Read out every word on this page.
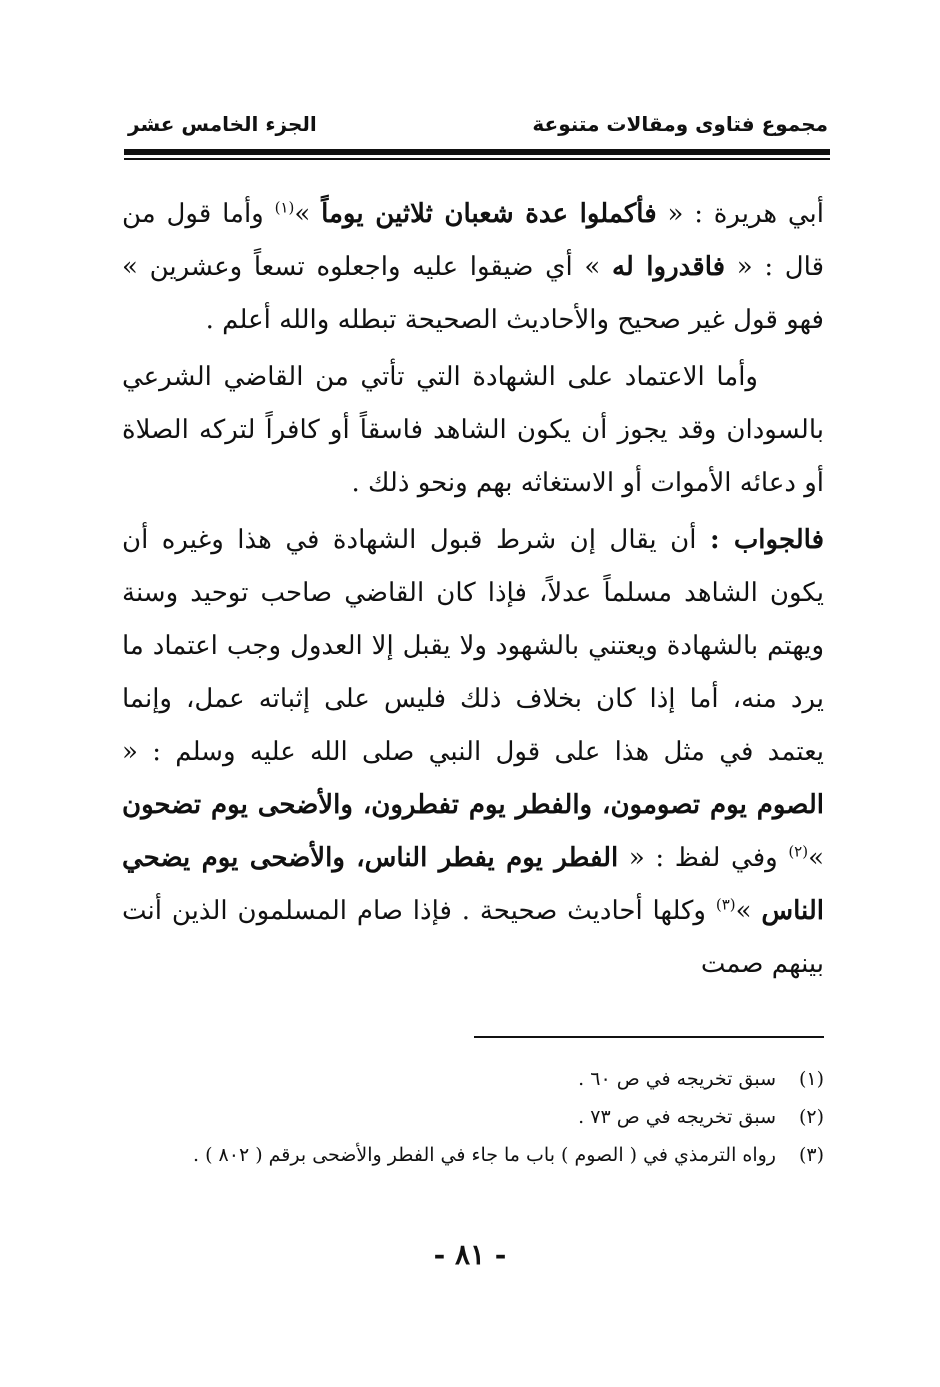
مجموع فتاوى ومقالات متنوعة
الجزء الخامس عشر

أبي هريرة : « فأكملوا عدة شعبان ثلاثين يوماً »$^{(١)}$ وأما قول من قال : « فاقدروا له » أي ضيقوا عليه واجعلوه تسعاً وعشرين » فهو قول غير صحيح والأحاديث الصحيحة تبطله والله أعلم .

وأما الاعتماد على الشهادة التي تأتي من القاضي الشرعي بالسودان وقد يجوز أن يكون الشاهد فاسقاً أو كافراً لتركه الصلاة أو دعائه الأموات أو الاستغاثه بهم ونحو ذلك .

فالجواب : أن يقال إن شرط قبول الشهادة في هذا وغيره أن يكون الشاهد مسلماً عدلاً، فإذا كان القاضي صاحب توحيد وسنة ويهتم بالشهادة ويعتني بالشهود ولا يقبل إلا العدول وجب اعتماد ما يرد منه، أما إذا كان بخلاف ذلك فليس على إثباته عمل، وإنما يعتمد في مثل هذا على قول النبي صلى الله عليه وسلم : « الصوم يوم تصومون، والفطر يوم تفطرون، والأضحى يوم تضحون »$^{(٢)}$ وفي لفظ : « الفطر يوم يفطر الناس، والأضحى يوم يضحي الناس »$^{(٣)}$ وكلها أحاديث صحيحة . فإذا صام المسلمون الذين أنت بينهم صمت

(١)
سبق تخريجه في ص ٦٠ .
(٢)
سبق تخريجه في ص ٧٣ .
(٣)
رواه الترمذي في ( الصوم ) باب ما جاء في الفطر والأضحى برقم ( ٨٠٢ ) .
- ٨١ -
